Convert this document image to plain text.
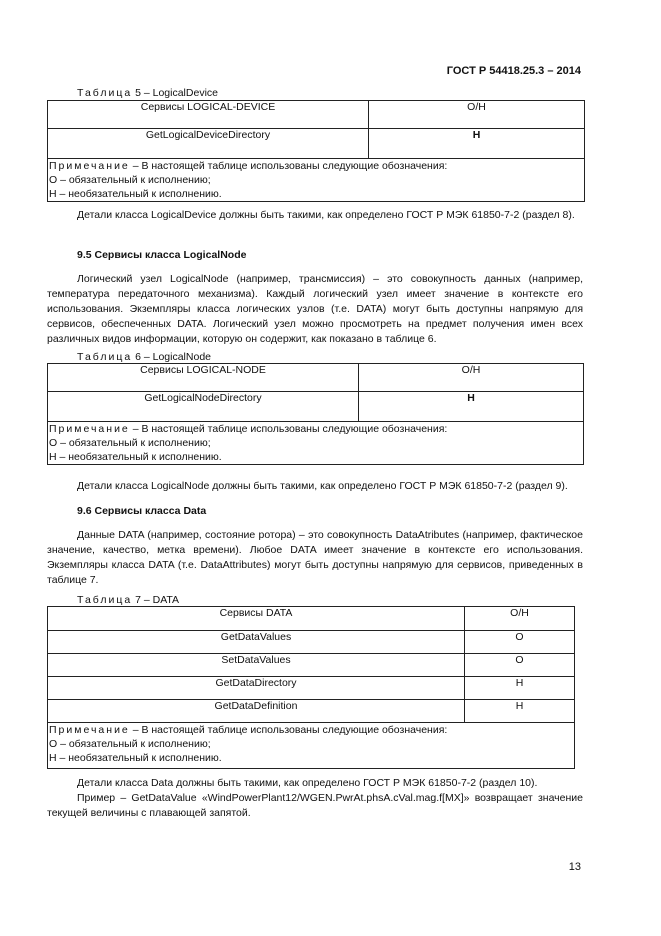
ГОСТ Р 54418.25.3 – 2014
Таблица 5 – LogicalDevice
Сервисы LOGICAL-DEVICE	О/Н
GetLogicalDeviceDirectory	Н
Примечание – В настоящей таблице использованы следующие обозначения:
О – обязательный к исполнению;
Н – необязательный к исполнению.	

Детали класса LogicalDevice должны быть такими, как определено ГОСТ Р МЭК 61850-7-2 (раздел 8).

9.5 Сервисы класса LogicalNode

Логический узел LogicalNode (например, трансмиссия) – это совокупность данных (например, температура передаточного механизма). Каждый логический узел имеет значение в контексте его использования. Экземпляры класса логических узлов (т.е. DATA) могут быть доступны напрямую для сервисов, обеспеченных DATA. Логический узел можно просмотреть на предмет получения имен всех различных видов информации, которую он содержит, как показано в таблице 6.

Таблица 6 – LogicalNode
Сервисы LOGICAL-NODE	О/Н
GetLogicalNodeDirectory	Н
Примечание – В настоящей таблице использованы следующие обозначения:
О – обязательный к исполнению;
Н – необязательный к исполнению.	

Детали класса LogicalNode должны быть такими, как определено ГОСТ Р МЭК 61850-7-2 (раздел 9).

9.6 Сервисы класса Data

Данные DATA (например, состояние ротора) – это совокупность DataAtributes (например, фактическое значение, качество, метка времени). Любое DATA имеет значение в контексте его использования. Экземпляры класса DATA (т.е. DataAttributes) могут быть доступны напрямую для сервисов, приведенных в таблице 7.

Таблица 7 – DATA
Сервисы DATA	О/Н
GetDataValues	О
SetDataValues	О
GetDataDirectory	Н
GetDataDefinition	Н
Примечание – В настоящей таблице использованы следующие обозначения:
О – обязательный к исполнению;
Н – необязательный к исполнению.	

Детали класса Data должны быть такими, как определено ГОСТ Р МЭК 61850-7-2 (раздел 10).

Пример – GetDataValue «WindPowerPlant12/WGEN.PwrAt.phsA.cVal.mag.f[MX]» возвращает значение текущей величины с плавающей запятой.

13
